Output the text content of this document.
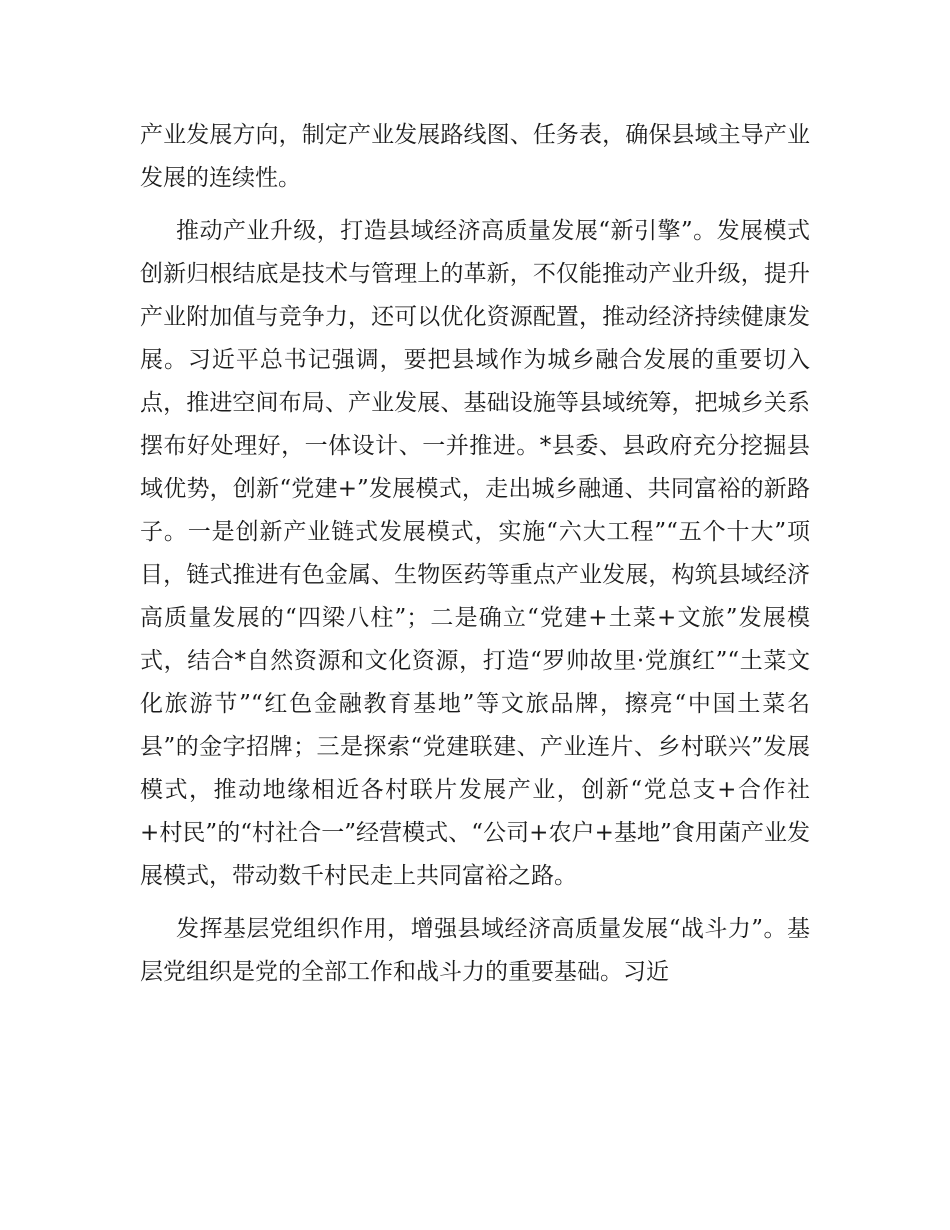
产业发展方向，制定产业发展路线图、任务表，确保县域主导产业发展的连续性。

推动产业升级，打造县域经济高质量发展“新引擎”。发展模式创新归根结底是技术与管理上的革新，不仅能推动产业升级，提升产业附加值与竞争力，还可以优化资源配置，推动经济持续健康发展。习近平总书记强调，要把县域作为城乡融合发展的重要切入点，推进空间布局、产业发展、基础设施等县域统筹，把城乡关系摆布好处理好，一体设计、一并推进。*县委、县政府充分挖掘县域优势，创新“党建+”发展模式，走出城乡融通、共同富裕的新路子。一是创新产业链式发展模式，实施“六大工程”“五个十大”项目，链式推进有色金属、生物医药等重点产业发展，构筑县域经济高质量发展的“四梁八柱”；二是确立“党建+土菜+文旅”发展模式，结合*自然资源和文化资源，打造“罗帅故里·党旗红”“土菜文化旅游节”“红色金融教育基地”等文旅品牌，擦亮“中国土菜名县”的金字招牌；三是探索“党建联建、产业连片、乡村联兴”发展模式，推动地缘相近各村联片发展产业，创新“党总支+合作社+村民”的“村社合一”经营模式、“公司+农户+基地”食用菌产业发展模式，带动数千村民走上共同富裕之路。

发挥基层党组织作用，增强县域经济高质量发展“战斗力”。基层党组织是党的全部工作和战斗力的重要基础。习近
